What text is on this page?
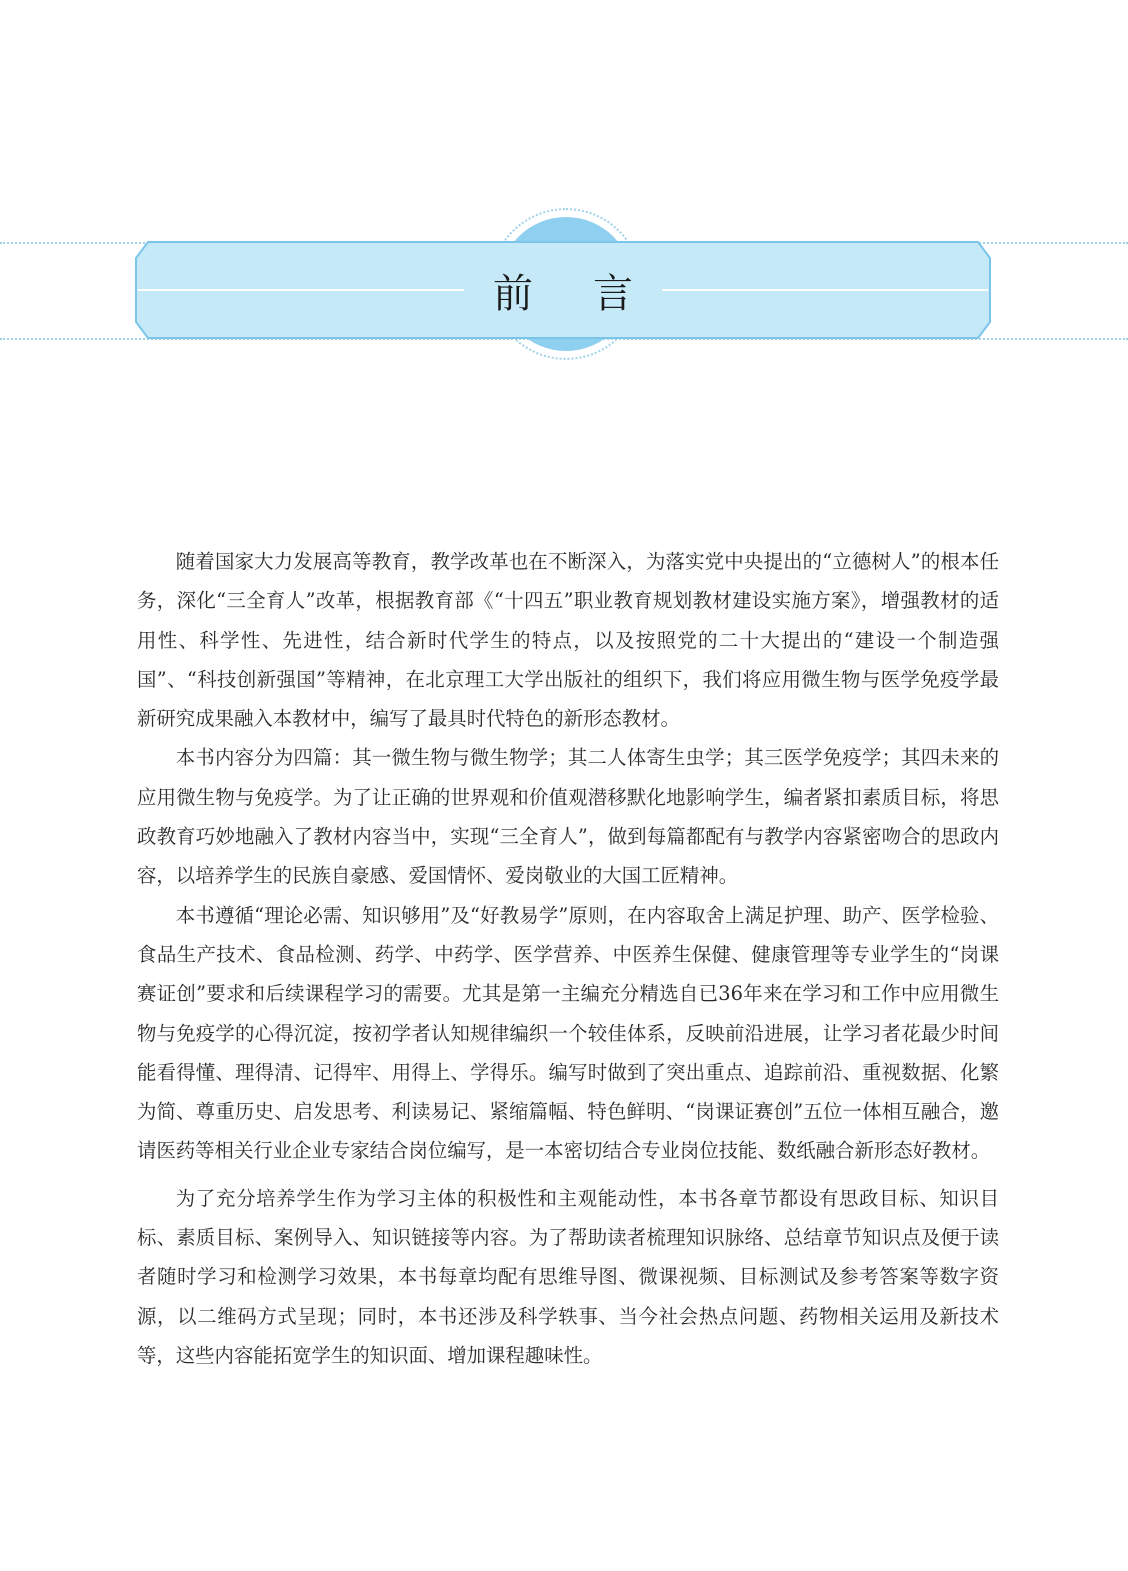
前	言

随着国家大力发展高等教育，教学改革也在不断深入，为落实党中央提出的“立德树人”的根本任务，深化“三全育人”改革，根据教育部《“十四五”职业教育规划教材建设实施方案》，增强教材的适用性、科学性、先进性，结合新时代学生的特点，以及按照党的二十大提出的“建设一个制造强国”、“科技创新强国”等精神，在北京理工大学出版社的组织下，我们将应用微生物与医学免疫学最新研究成果融入本教材中，编写了最具时代特色的新形态教材。

本书内容分为四篇：其一微生物与微生物学；其二人体寄生虫学；其三医学免疫学；其四未来的应用微生物与免疫学。为了让正确的世界观和价值观潜移默化地影响学生，编者紧扣素质目标，将思政教育巧妙地融入了教材内容当中，实现“三全育人”，做到每篇都配有与教学内容紧密吻合的思政内容，以培养学生的民族自豪感、爱国情怀、爱岗敬业的大国工匠精神。

本书遵循“理论必需、知识够用”及“好教易学”原则，在内容取舍上满足护理、助产、医学检验、食品生产技术、食品检测、药学、中药学、医学营养、中医养生保健、健康管理等专业学生的“岗课赛证创”要求和后续课程学习的需要。尤其是第一主编充分精选自已36年来在学习和工作中应用微生物与免疫学的心得沉淀，按初学者认知规律编织一个较佳体系，反映前沿进展，让学习者花最少时间能看得懂、理得清、记得牢、用得上、学得乐。编写时做到了突出重点、追踪前沿、重视数据、化繁为简、尊重历史、启发思考、利读易记、紧缩篇幅、特色鲜明、“岗课证赛创”五位一体相互融合，邀请医药等相关行业企业专家结合岗位编写，是一本密切结合专业岗位技能、数纸融合新形态好教材。

为了充分培养学生作为学习主体的积极性和主观能动性，本书各章节都设有思政目标、知识目标、素质目标、案例导入、知识链接等内容。为了帮助读者梳理知识脉络、总结章节知识点及便于读者随时学习和检测学习效果，本书每章均配有思维导图、微课视频、目标测试及参考答案等数字资源，以二维码方式呈现；同时，本书还涉及科学轶事、当今社会热点问题、药物相关运用及新技术等，这些内容能拓宽学生的知识面、增加课程趣味性。
